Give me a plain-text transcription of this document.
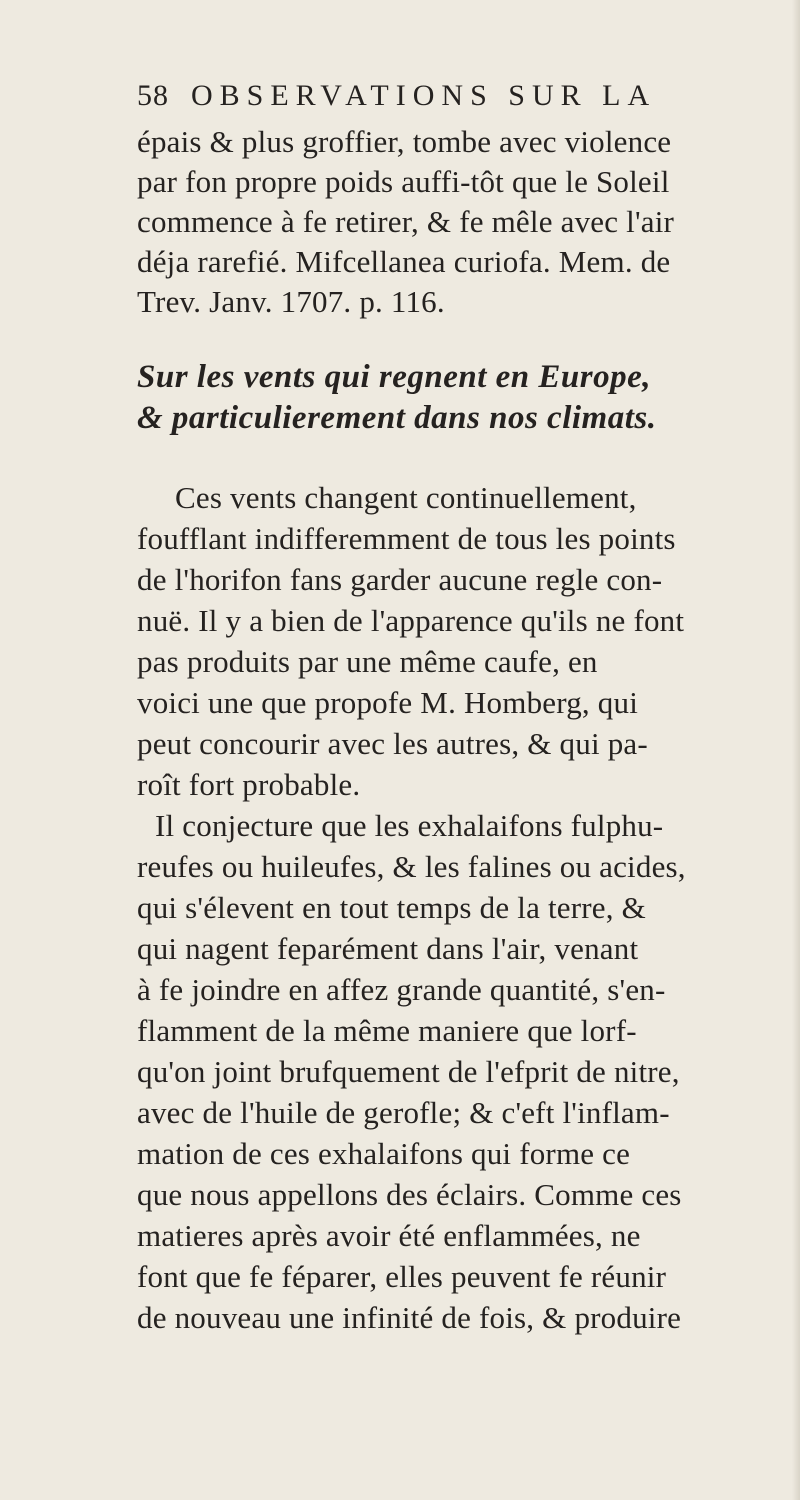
58 OBSERVATIONS SUR LA
épais & plus groffier, tombe avec violence
par fon propre poids auffi-tôt que le Soleil
commence à fe retirer, & fe mêle avec l'air
déja rarefié. Mifcellanea curiofa. Mem. de
Trev. Janv. 1707. p. 116.
Sur les vents qui regnent en Europe,
& particulierement dans nos climats.
Ces vents changent continuellement,
foufflant indifferemment de tous les points
de l'horifon fans garder aucune regle con-
nuë. Il y a bien de l'apparence qu'ils ne font
pas produits par une même caufe, en
voici une que propofe M. Homberg, qui
peut concourir avec les autres, & qui pa-
roît fort probable.
Il conjecture que les exhalaifons fulphu-
reufes ou huileufes, & les falines ou acides,
qui s'élevent en tout temps de la terre, &
qui nagent feparément dans l'air, venant
à fe joindre en affez grande quantité, s'en-
flamment de la même maniere que lorf-
qu'on joint brufquement de l'efprit de nitre,
avec de l'huile de gerofle; & c'eft l'inflam-
mation de ces exhalaifons qui forme ce
que nous appellons des éclairs. Comme ces
matieres après avoir été enflammées, ne
font que fe féparer, elles peuvent fe réunir
de nouveau une infinité de fois, & produire
